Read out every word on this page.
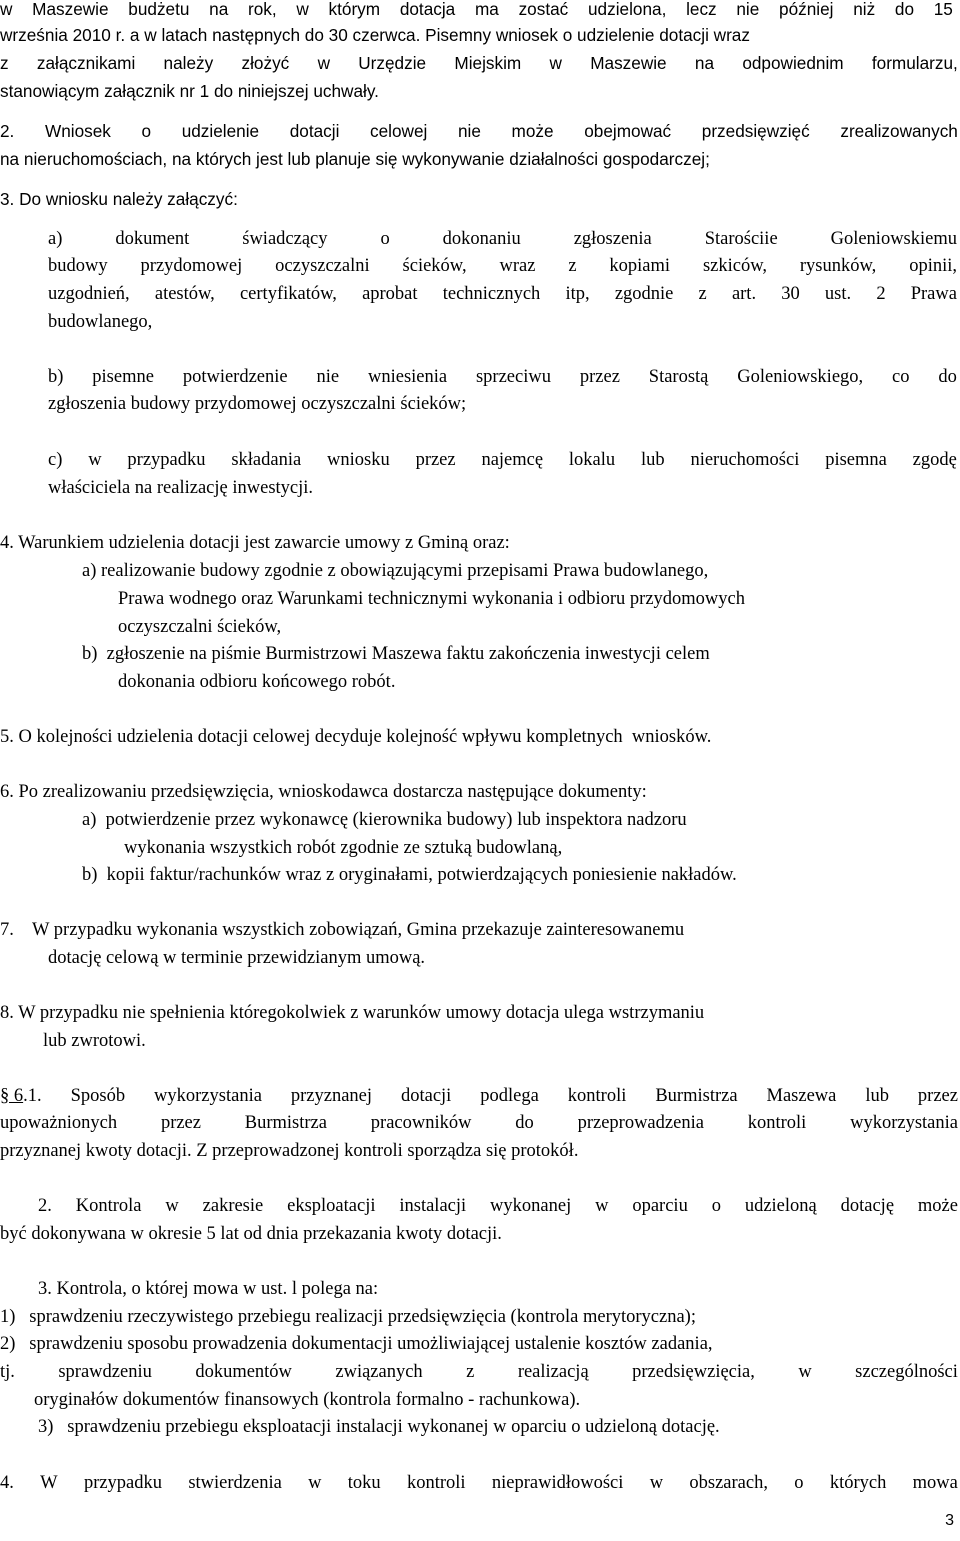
w Maszewie budżetu na rok, w którym dotacja ma zostać udzielona, lecz nie później niż do 15
września 2010 r. a w latach następnych do 30 czerwca. Pisemny wniosek o udzielenie dotacji wraz
z załącznikami należy złożyć w Urzędzie Miejskim w Maszewie na odpowiednim formularzu,
stanowiącym załącznik nr 1 do niniejszej uchwały.
2. Wniosek o udzielenie dotacji celowej nie może obejmować przedsięwzięć zrealizowanych
na nieruchomościach, na których jest lub planuje się wykonywanie działalności gospodarczej;
3. Do wniosku należy załączyć:
a)	dokument	świadczący	o	dokonaniu	zgłoszenia	Starościie	Goleniowskiemu
budowy przydomowej oczyszczalni ścieków, wraz z kopiami szkiców, rysunków, opinii,
uzgodnień, atestów, certyfikatów, aprobat technicznych itp, zgodnie z art. 30 ust. 2 Prawa
budowlanego,
b) pisemne potwierdzenie nie wniesienia sprzeciwu przez Starostą Goleniowskiego, co do
zgłoszenia budowy przydomowej oczyszczalni ścieków;
c) w przypadku składania wniosku przez najemcę lokalu lub nieruchomości pisemna zgodę
właściciela na realizację inwestycji.
4. Warunkiem udzielenia dotacji jest zawarcie umowy z Gminą oraz:
a) realizowanie budowy zgodnie z obowiązującymi przepisami Prawa budowlanego,
Prawa wodnego oraz Warunkami technicznymi wykonania i odbioru przydomowych
oczyszczalni ścieków,
b)  zgłoszenie na piśmie Burmistrzowi Maszewa faktu zakończenia inwestycji celem
dokonania odbioru końcowego robót.
5. O kolejności udzielenia dotacji celowej decyduje kolejność wpływu kompletnych  wniosków.
6. Po zrealizowaniu przedsięwzięcia, wnioskodawca dostarcza następujące dokumenty:
a)  potwierdzenie przez wykonawcę (kierownika budowy) lub inspektora nadzoru
wykonania wszystkich robót zgodnie ze sztuką budowlaną,
b)  kopii faktur/rachunków wraz z oryginałami, potwierdzających poniesienie nakładów.
7.    W przypadku wykonania wszystkich zobowiązań, Gmina przekazuje zainteresowanemu
dotację celową w terminie przewidzianym umową.
8. W przypadku nie spełnienia któregokolwiek z warunków umowy dotacja ulega wstrzymaniu
lub zwrotowi.
§ 6.1. Sposób wykorzystania przyznanej dotacji podlega kontroli Burmistrza Maszewa lub przez
upoważnionych przez Burmistrza pracowników do przeprowadzenia kontroli wykorzystania
przyznanej kwoty dotacji. Z przeprowadzonej kontroli sporządza się protokół.
2. Kontrola w zakresie eksploatacji instalacji wykonanej w oparciu o udzieloną dotację może
być dokonywana w okresie 5 lat od dnia przekazania kwoty dotacji.
3. Kontrola, o której mowa w ust. l polega na:
1)   sprawdzeniu rzeczywistego przebiegu realizacji przedsięwzięcia (kontrola merytoryczna);
2)   sprawdzeniu sposobu prowadzenia dokumentacji umożliwiającej ustalenie kosztów zadania,
tj. sprawdzeniu dokumentów związanych z realizacją przedsięwzięcia, w szczególności
oryginałów dokumentów finansowych (kontrola formalno - rachunkowa).
3)   sprawdzeniu przebiegu eksploatacji instalacji wykonanej w oparciu o udzieloną dotację.
4. W przypadku stwierdzenia w toku kontroli nieprawidłowości w obszarach, o których mowa
3
